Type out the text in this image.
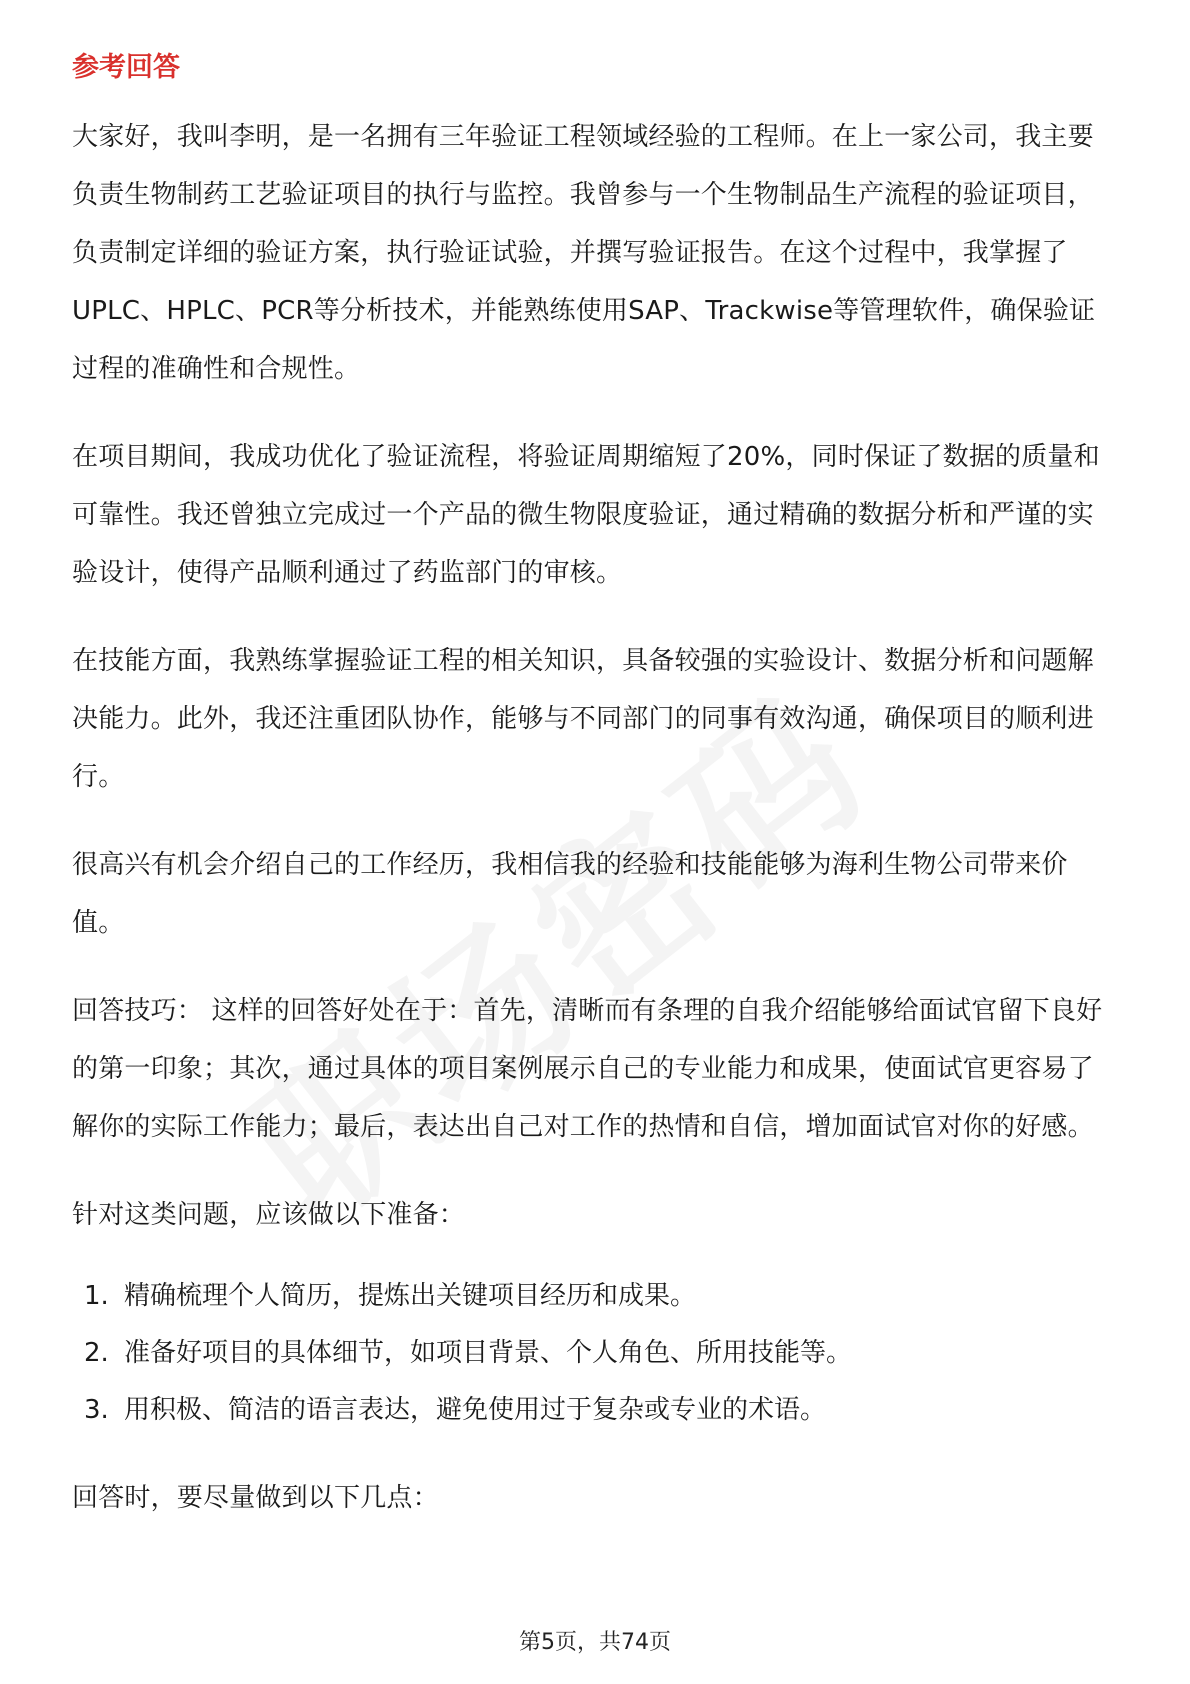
参考回答

大家好，我叫李明，是一名拥有三年验证工程领域经验的工程师。在上一家公司，我主要负责生物制药工艺验证项目的执行与监控。我曾参与一个生物制品生产流程的验证项目，负责制定详细的验证方案，执行验证试验，并撰写验证报告。在这个过程中，我掌握了UPLC、HPLC、PCR等分析技术，并能熟练使用SAP、Trackwise等管理软件，确保验证过程的准确性和合规性。

在项目期间，我成功优化了验证流程，将验证周期缩短了20%，同时保证了数据的质量和可靠性。我还曾独立完成过一个产品的微生物限度验证，通过精确的数据分析和严谨的实验设计，使得产品顺利通过了药监部门的审核。

在技能方面，我熟练掌握验证工程的相关知识，具备较强的实验设计、数据分析和问题解决能力。此外，我还注重团队协作，能够与不同部门的同事有效沟通，确保项目的顺利进行。

很高兴有机会介绍自己的工作经历，我相信我的经验和技能能够为海利生物公司带来价值。

回答技巧： 这样的回答好处在于：首先，清晰而有条理的自我介绍能够给面试官留下良好的第一印象；其次，通过具体的项目案例展示自己的专业能力和成果，使面试官更容易了解你的实际工作能力；最后，表达出自己对工作的热情和自信，增加面试官对你的好感。

针对这类问题，应该做以下准备：

1. 精确梳理个人简历，提炼出关键项目经历和成果。
2. 准备好项目的具体细节，如项目背景、个人角色、所用技能等。
3. 用积极、简洁的语言表达，避免使用过于复杂或专业的术语。

回答时，要尽量做到以下几点：

第5页，共74页
